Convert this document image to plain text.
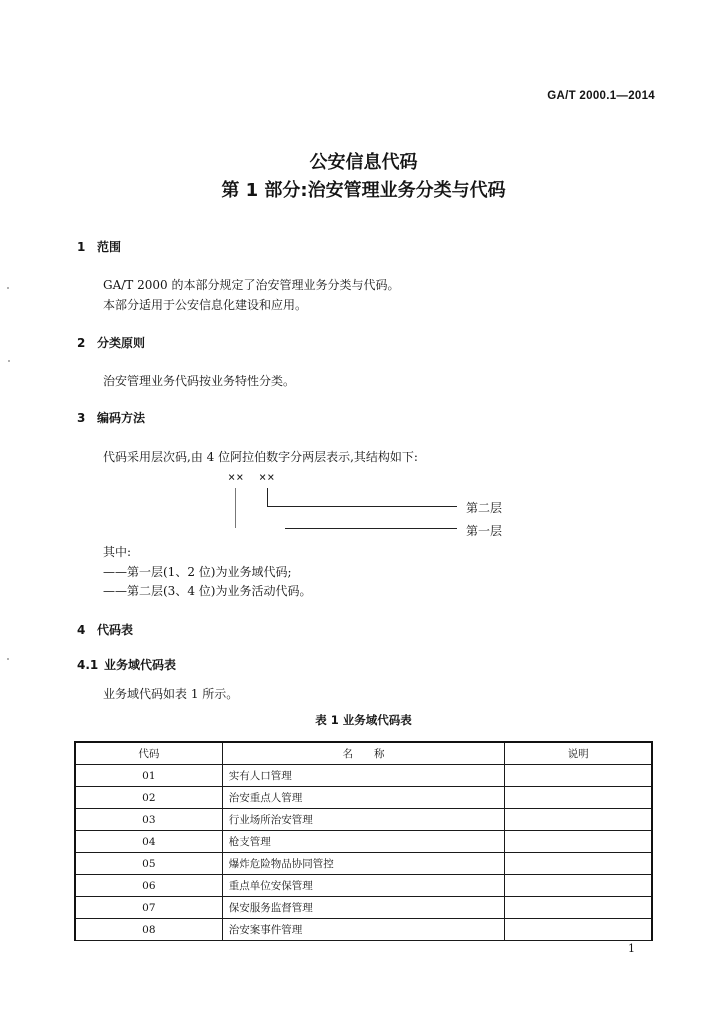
GA/T 2000.1—2014
公安信息代码
第 1 部分:治安管理业务分类与代码
1 范围
GA/T 2000 的本部分规定了治安管理业务分类与代码。
本部分适用于公安信息化建设和应用。
2 分类原则
治安管理业务代码按业务特性分类。
3 编码方法
代码采用层次码,由 4 位阿拉伯数字分两层表示,其结构如下:
×× ××
第二层
第一层
其中:
——第一层(1、2 位)为业务域代码;
——第二层(3、4 位)为业务活动代码。
4 代码表
4.1 业务域代码表
业务域代码如表 1 所示。
表 1 业务域代码表
代码	名　　称	说明
01	实有人口管理	
02	治安重点人管理	
03	行业场所治安管理	
04	枪支管理	
05	爆炸危险物品协同管控	
06	重点单位安保管理	
07	保安服务监督管理	
08	治安案事件管理	
1
